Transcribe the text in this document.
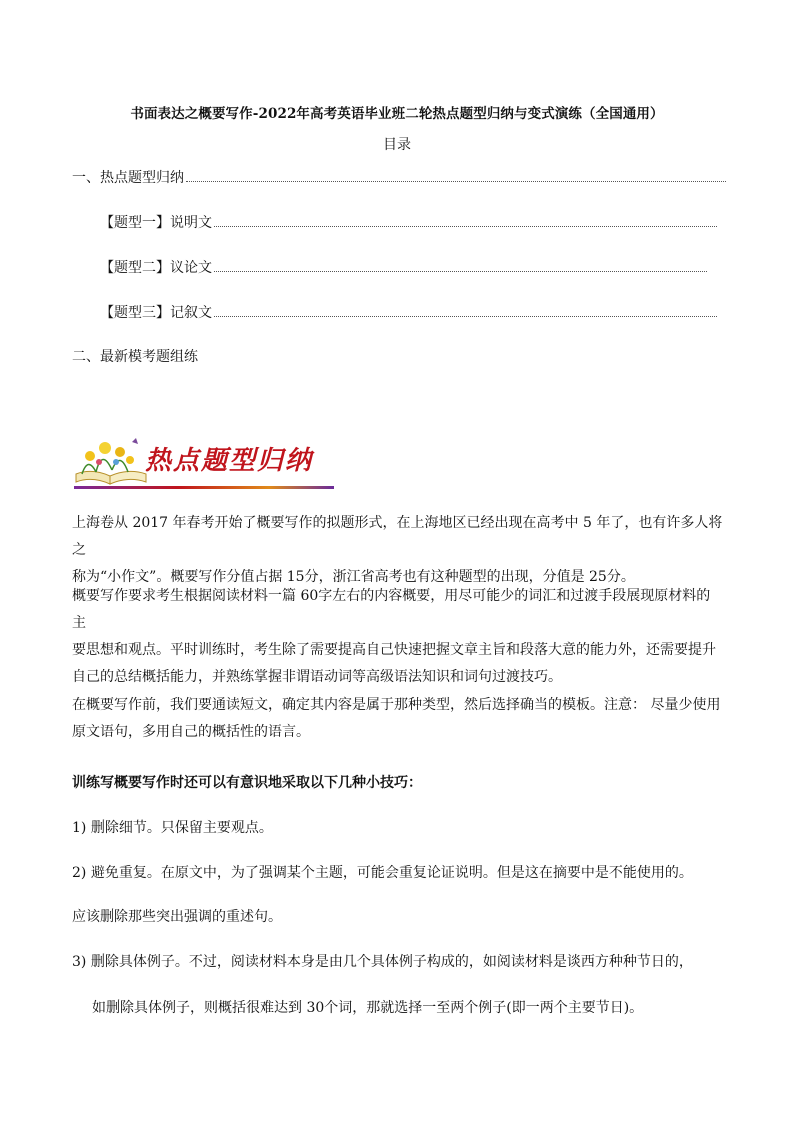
书面表达之概要写作-2022年高考英语毕业班二轮热点题型归纳与变式演练（全国通用）
目录
一、热点题型归纳
【题型一】说明文
【题型二】议论文
【题型三】记叙文
二、最新模考题组练
热点题型归纳
上海卷从 2017 年春考开始了概要写作的拟题形式，在上海地区已经出现在高考中 5 年了，也有许多人将之
称为“小作文”。概要写作分值占据 15分，浙江省高考也有这种题型的出现，分值是 25分。
概要写作要求考生根据阅读材料一篇 60字左右的内容概要，用尽可能少的词汇和过渡手段展现原材料的主
要思想和观点。平时训练时，考生除了需要提高自己快速把握文章主旨和段落大意的能力外，还需要提升
自己的总结概括能力，并熟练掌握非谓语动词等高级语法知识和词句过渡技巧。
在概要写作前，我们要通读短文，确定其内容是属于那种类型，然后选择确当的模板。注意： 尽量少使用
原文语句，多用自己的概括性的语言。
训练写概要写作时还可以有意识地采取以下几种小技巧：
1) 删除细节。只保留主要观点。
2) 避免重复。在原文中，为了强调某个主题，可能会重复论证说明。但是这在摘要中是不能使用的。
应该删除那些突出强调的重述句。
3) 删除具体例子。不过，阅读材料本身是由几个具体例子构成的，如阅读材料是谈西方种种节日的，
如删除具体例子，则概括很难达到 30个词，那就选择一至两个例子(即一两个主要节日)。
